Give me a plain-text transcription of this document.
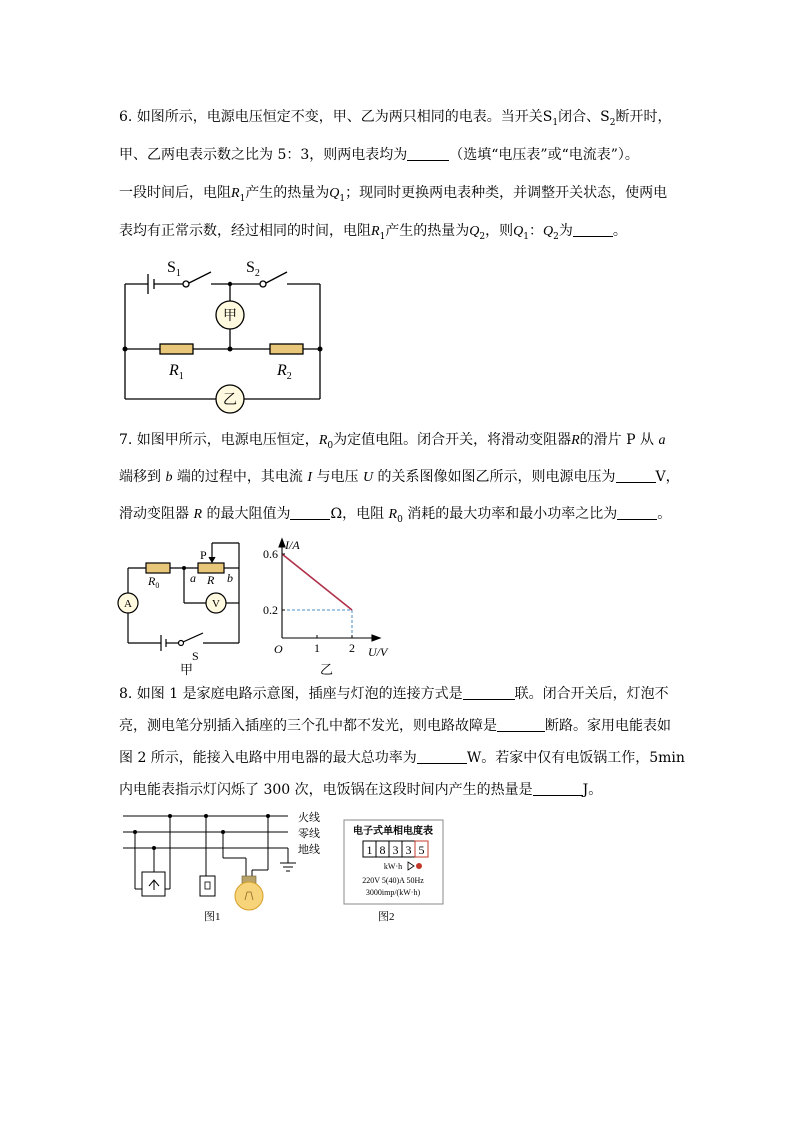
6. 如图所示，电源电压恒定不变，甲、乙为两只相同的电表。当开关$S_1$闭合、$S_2$断开时，
甲、乙两电表示数之比为 5：3，则两电表均为	（选填“电压表”或“电流表”）。
一段时间后，电阻$R_1$产生的热量为$Q_1$；现同时更换两电表种类，并调整开关状态，使两电
表均有正常示数，经过相同的时间，电阻$R_1$产生的热量为$Q_2$，则$Q_1$：$Q_2$为	。
$S_1$	$S_2$
甲
乙
$R_1$	$R_2$
7. 如图甲所示，电源电压恒定，$R_0$为定值电阻。闭合开关，将滑动变阻器R的滑片 P 从 a
端移到 b 端的过程中，其电流 I 与电压 U 的关系图像如图乙所示，则电源电压为	V，
滑动变阻器 R 的最大阻值为	Ω，电阻 $R_0$ 消耗的最大功率和最小功率之比为	。
$R_0$
P
a R b
A	V
S
甲
I/A
U/V
O	1 2
0.2
0.6
乙
8. 如图 1 是家庭电路示意图，插座与灯泡的连接方式是	联。闭合开关后，灯泡不
亮，测电笔分别插入插座的三个孔中都不发光，则电路故障是	断路。家用电能表如
图 2 所示，能接入电路中用电器的最大总功率为	W。若家中仅有电饭锅工作，5min
内电能表指示灯闪烁了 300 次，电饭锅在这段时间内产生的热量是	J。
火线
零线
地线
图1
电子式单相电度表
1 8 3 3 5
kW·h
220V 5(40)A 50Hz
3000imp/(kW·h)
图2
